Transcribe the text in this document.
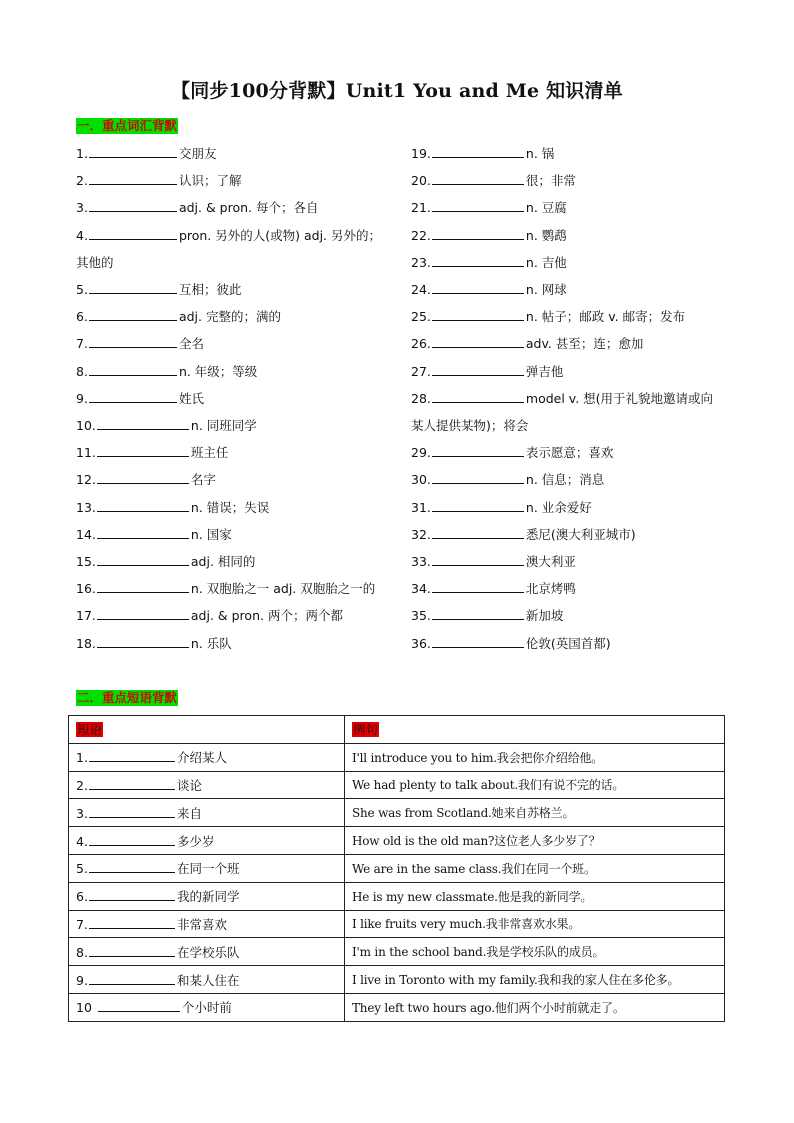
【同步100分背默】Unit1 You and Me 知识清单
一．重点词汇背默
1.	交朋友
2.	认识；了解
3.	adj. & pron. 每个；各自
4.	pron. 另外的人(或物) adj. 另外的；其他的
5.	互相；彼此
6.	adj. 完整的；满的
7.	全名
8.	n. 年级；等级
9.	姓氏
10.	n. 同班同学
11.	班主任
12.	名字
13.	n. 错误；失误
14.	n. 国家
15.	adj. 相同的
16.	n. 双胞胎之一 adj. 双胞胎之一的
17.	adj. & pron. 两个；两个都
18.	n. 乐队
19.	n. 锅
20.	很；非常
21.	n. 豆腐
22.	n. 鹦鹉
23.	n. 吉他
24.	n. 网球
25.	n. 帖子；邮政 v. 邮寄；发布
26.	adv. 甚至；连；愈加
27.	弹吉他
28.	model v. 想(用于礼貌地邀请或向某人提供某物)；将会
29.	表示愿意；喜欢
30.	n. 信息；消息
31.	n. 业余爱好
32.	悉尼(澳大利亚城市)
33.	澳大利亚
34.	北京烤鸭
35.	新加坡
36.	伦敦(英国首都)
二．重点短语背默
短语	例句
1. 介绍某人	I'll introduce you to him.我会把你介绍给他。
2. 谈论	We had plenty to talk about.我们有说不完的话。
3. 来自	She was from Scotland.她来自苏格兰。
4. 多少岁	How old is the old man?这位老人多少岁了？
5. 在同一个班	We are in the same class.我们在同一个班。
6. 我的新同学	He is my new classmate.他是我的新同学。
7. 非常喜欢	I like fruits very much.我非常喜欢水果。
8. 在学校乐队	I'm in the school band.我是学校乐队的成员。
9. 和某人住在	I live in Toronto with my family.我和我的家人住在多伦多。
10 个小时前	They left two hours ago.他们两个小时前就走了。
